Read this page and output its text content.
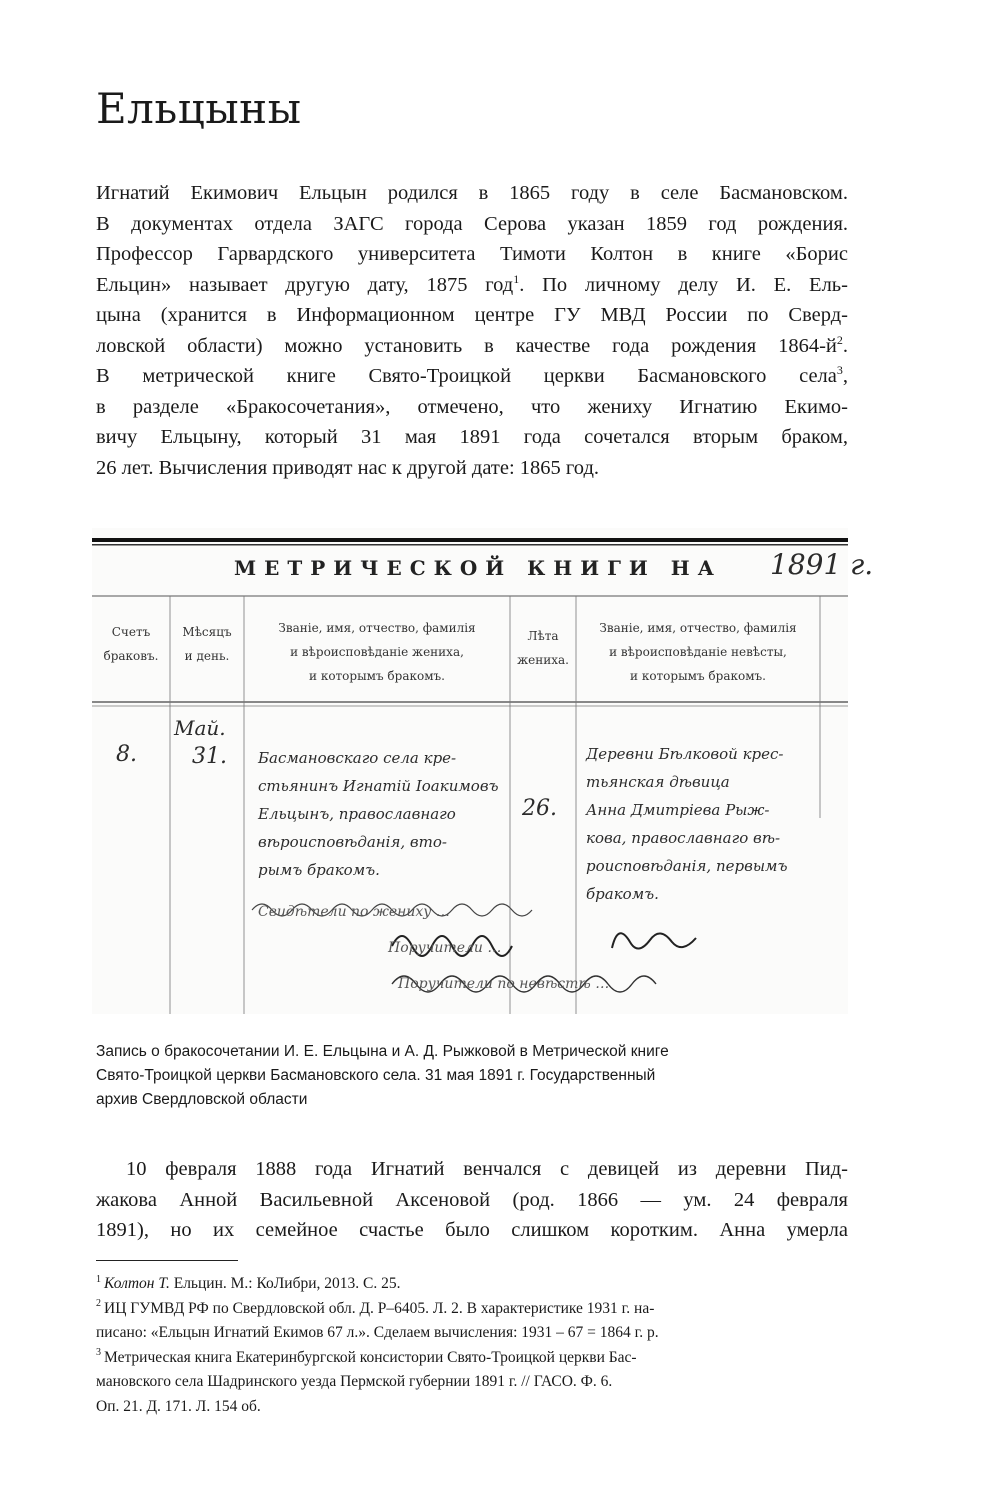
Ельцыны

Игнатий Екимович Ельцын родился в 1865 году в селе Басмановском.
В документах отдела ЗАГС города Серова указан 1859 год рождения.
Профессор Гарвардского университета Тимоти Колтон в книге «Борис
Ельцин» называет другую дату, 1875 год$^1$. По личному делу И. Е. Ель-
цына (хранится в Информационном центре ГУ МВД России по Сверд-
ловской области) можно установить в качестве года рождения $1864-й^2$.
В метрической книге Свято-Троицкой церкви Басмановского села$^3$,
в разделе «Бракосочетания», отмечено, что жениху Игнатию Екимо-
вичу Ельцыну, который 31 мая 1891 года сочетался вторым браком,
26 лет. Вычисления приводят нас к другой дате: 1865 год.

МЕТРИЧЕСКОЙ КНИГИ НА 1891 г.
Счетъ
браковъ.
Мѣсяцъ
и день.
Званіе, имя, отчество, фамилія
и вѣроисповѣданіе жениха,
и которымъ бракомъ.
Лѣта
жениха.
Званіе, имя, отчество, фамилія
и вѣроисповѣданіе невѣсты,
и которымъ бракомъ.
8.
Май.
31.
26.
Басмановскаго села кре-
стьянинъ Игнатій Іоакимовъ
Ельцынъ, православнаго
вѣроисповѣданія, вто-
рымъ бракомъ.
Деревни Бѣлковой крес-
тьянская дѣвица
Анна Дмитріева Рыж-
кова, православнаго вѣ-
роисповѣданія, первымъ
бракомъ.
Свидѣтели по жениху …
Поручители …
Поручители по невѣстѣ …
Запись о бракосочетании И. Е. Ельцына и А. Д. Рыжковой в Метрической книге
Свято-Троицкой церкви Басмановского села. 31 мая 1891 г. Государственный
архив Свердловской области

10 февраля 1888 года Игнатий венчался с девицей из деревни Пид-
жакова Анной Васильевной Аксеновой (род. 1866 — ум. 24 февраля
1891), но их семейное счастье было слишком коротким. Анна умерла

$^1$ Колтон Т. Ельцин. М.: КоЛибри, 2013. С. 25.
$^2$ ИЦ ГУМВД РФ по Свердловской обл. Д. Р–6405. Л. 2. В характеристике 1931 г. на-
писано: «Ельцын Игнатий Екимов 67 л.». Сделаем вычисления: 1931 – 67 = 1864 г. р.
$^3$ Метрическая книга Екатеринбургской консистории Свято-Троицкой церкви Бас-
мановского села Шадринского уезда Пермской губернии 1891 г. // ГАСО. Ф. 6.
Оп. 21. Д. 171. Л. 154 об.
